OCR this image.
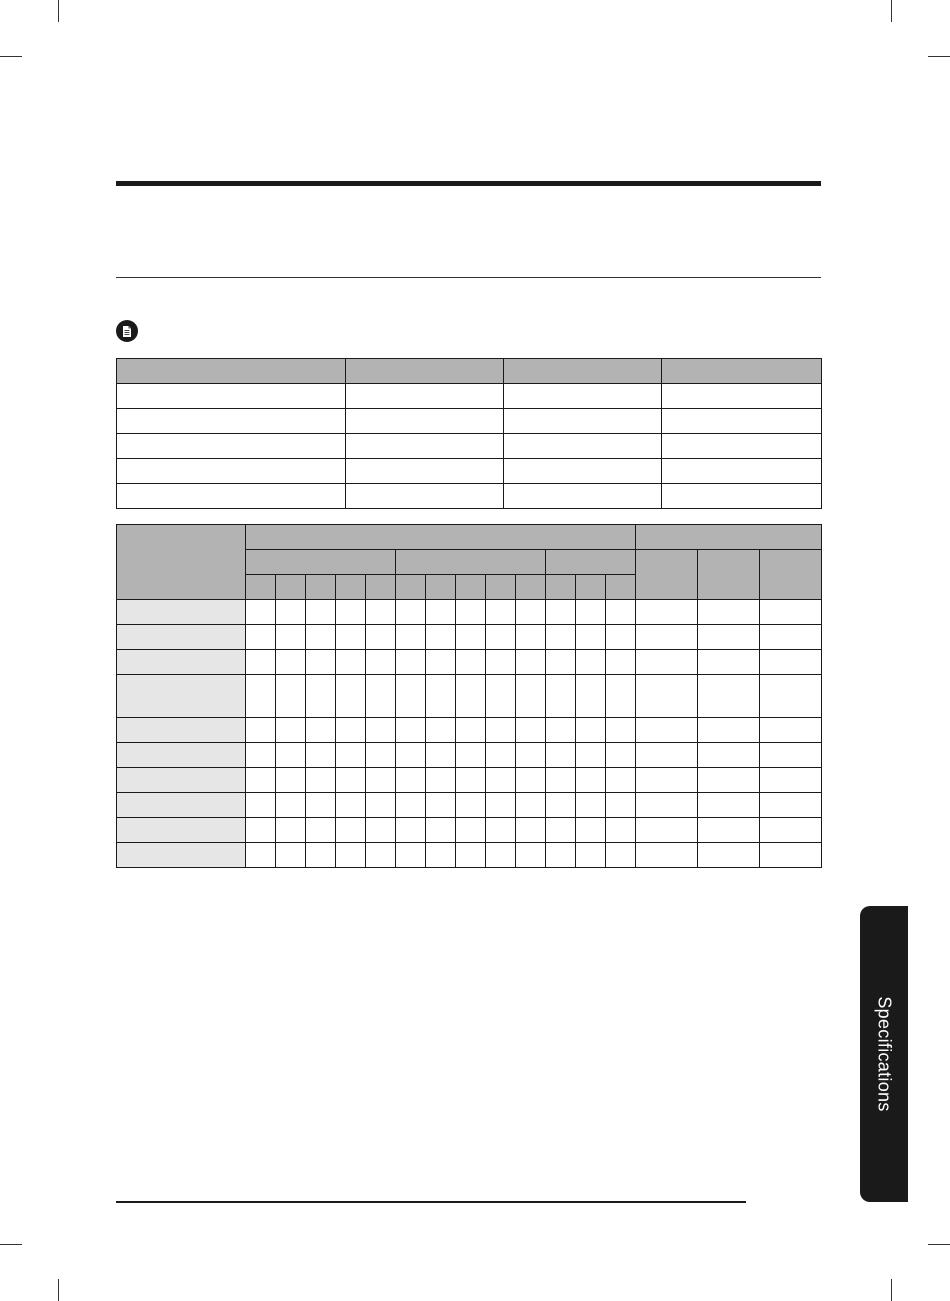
Specifications
